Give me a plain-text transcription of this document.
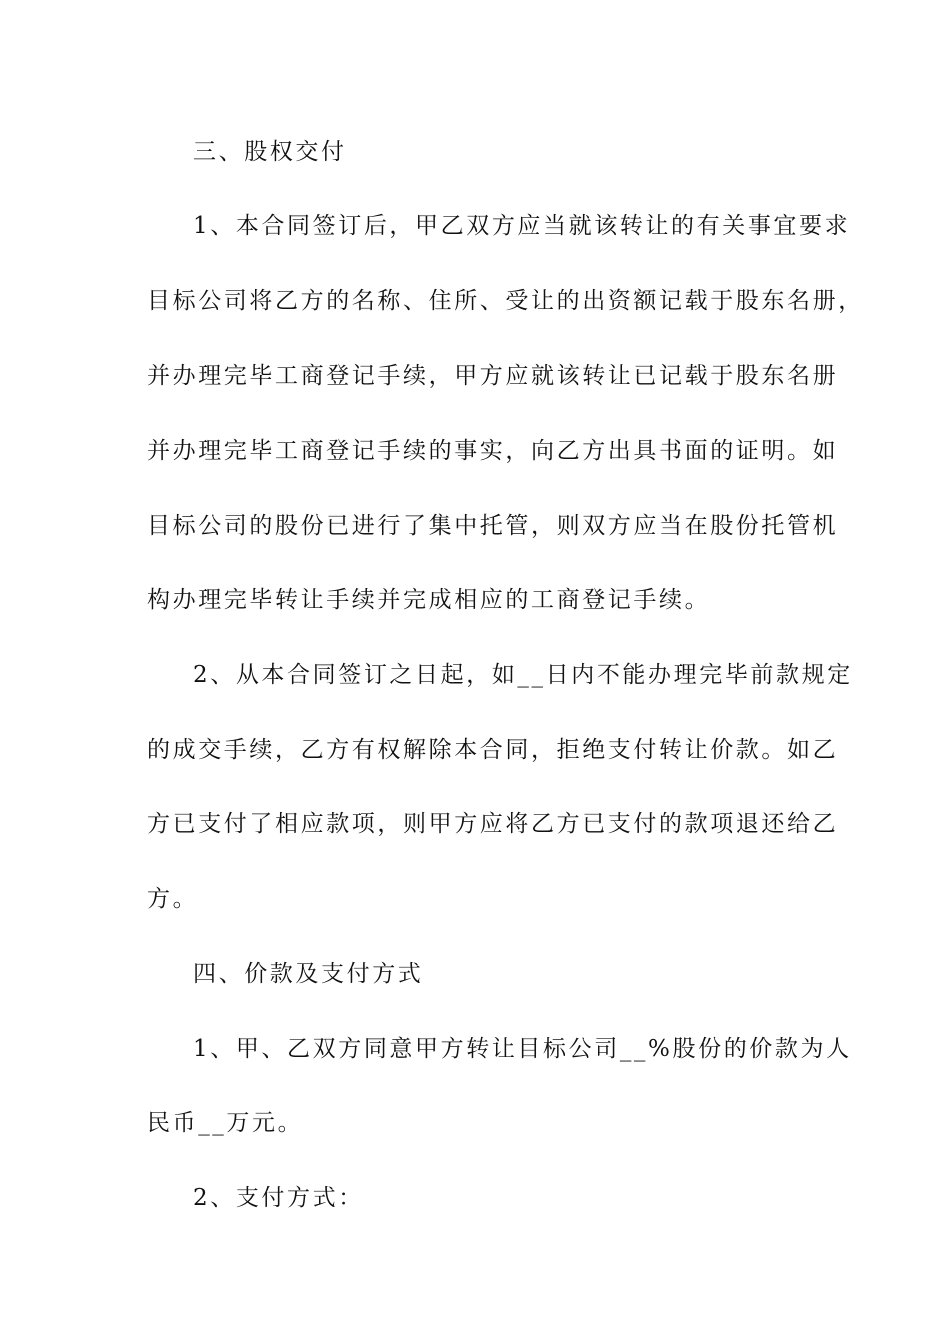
三、股权交付
1、本合同签订后，甲乙双方应当就该转让的有关事宜要求
目标公司将乙方的名称、住所、受让的出资额记载于股东名册，
并办理完毕工商登记手续，甲方应就该转让已记载于股东名册
并办理完毕工商登记手续的事实，向乙方出具书面的证明。如
目标公司的股份已进行了集中托管，则双方应当在股份托管机
构办理完毕转让手续并完成相应的工商登记手续。
2、从本合同签订之日起，如__日内不能办理完毕前款规定
的成交手续，乙方有权解除本合同，拒绝支付转让价款。如乙
方已支付了相应款项，则甲方应将乙方已支付的款项退还给乙
方。
四、价款及支付方式
1、甲、乙双方同意甲方转让目标公司__%股份的价款为人
民币__万元。
2、支付方式：
